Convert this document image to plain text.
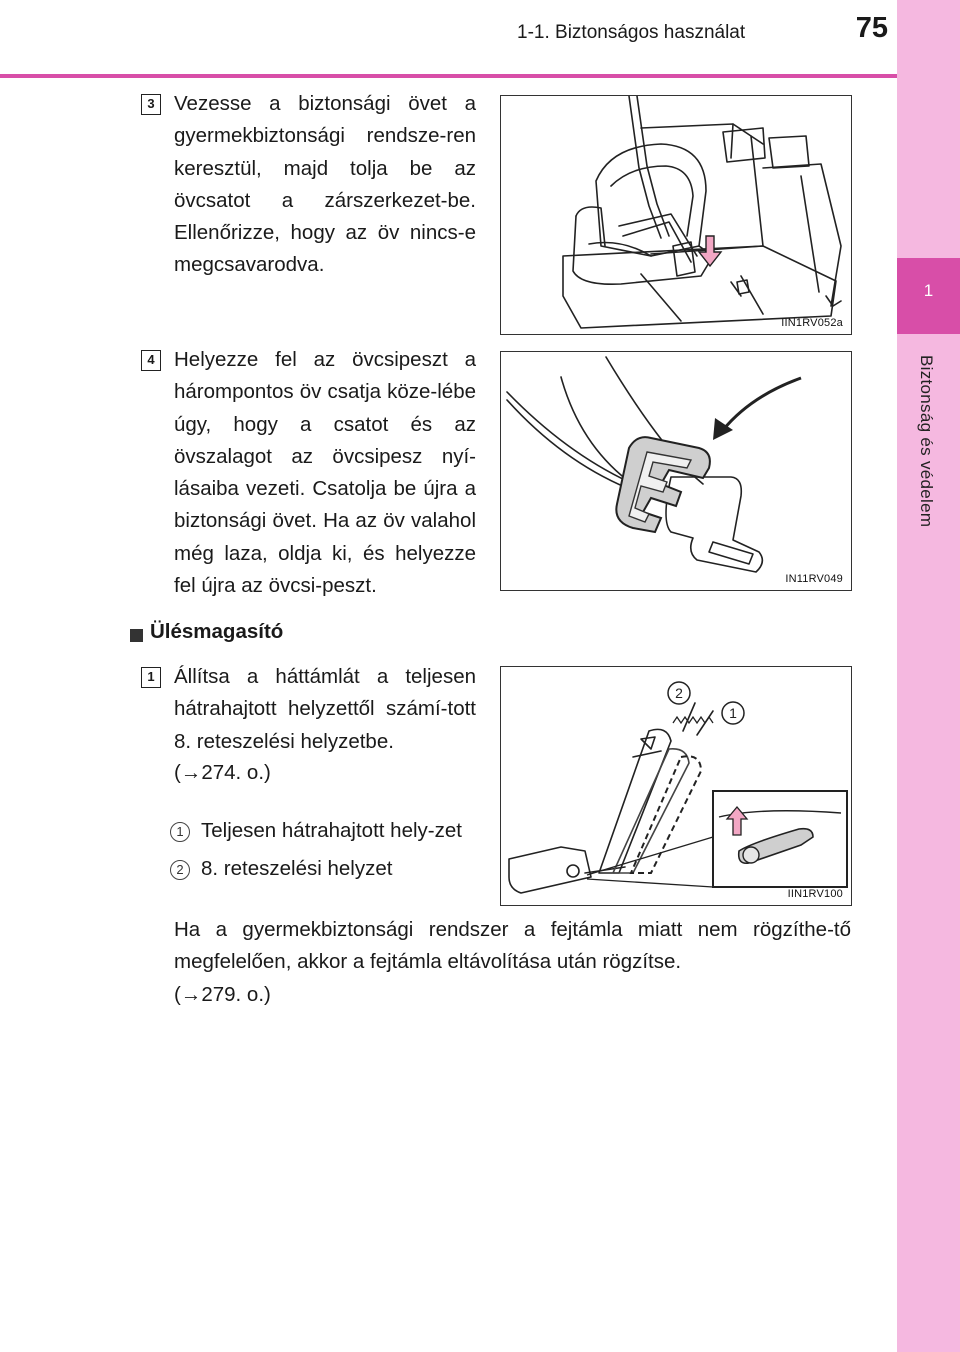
1
Biztonság és védelem
1-1. Biztonságos használat	75
3 Vezesse a biztonsági övet a gyermekbiztonsági rendsze-ren keresztül, majd tolja be az övcsatot a zárszerkezet-be. Ellenőrizze, hogy az öv nincs-e megcsavarodva.
IIN1RV052a
4 Helyezze fel az övcsipeszt a hárompontos öv csatja köze-lébe úgy, hogy a csatot és az övszalagot az övcsipesz nyí-lásaiba vezeti. Csatolja be újra a biztonsági övet. Ha az öv valahol még laza, oldja ki, és helyezze fel újra az övcsi-peszt.	IN11RV049
Ülésmagasító
1 Állítsa a háttámlát a teljesen hátrahajtott helyzettől számí-tott 8. reteszelési helyzetbe.
(→274. o.)
1 Teljesen hátrahajtott hely-zet
2 8. reteszelési helyzet
2
1
IIN1RV100
Ha a gyermekbiztonsági rendszer a fejtámla miatt nem rögzíthe-tő megfelelően, akkor a fejtámla eltávolítása után rögzítse.
(→279. o.)
